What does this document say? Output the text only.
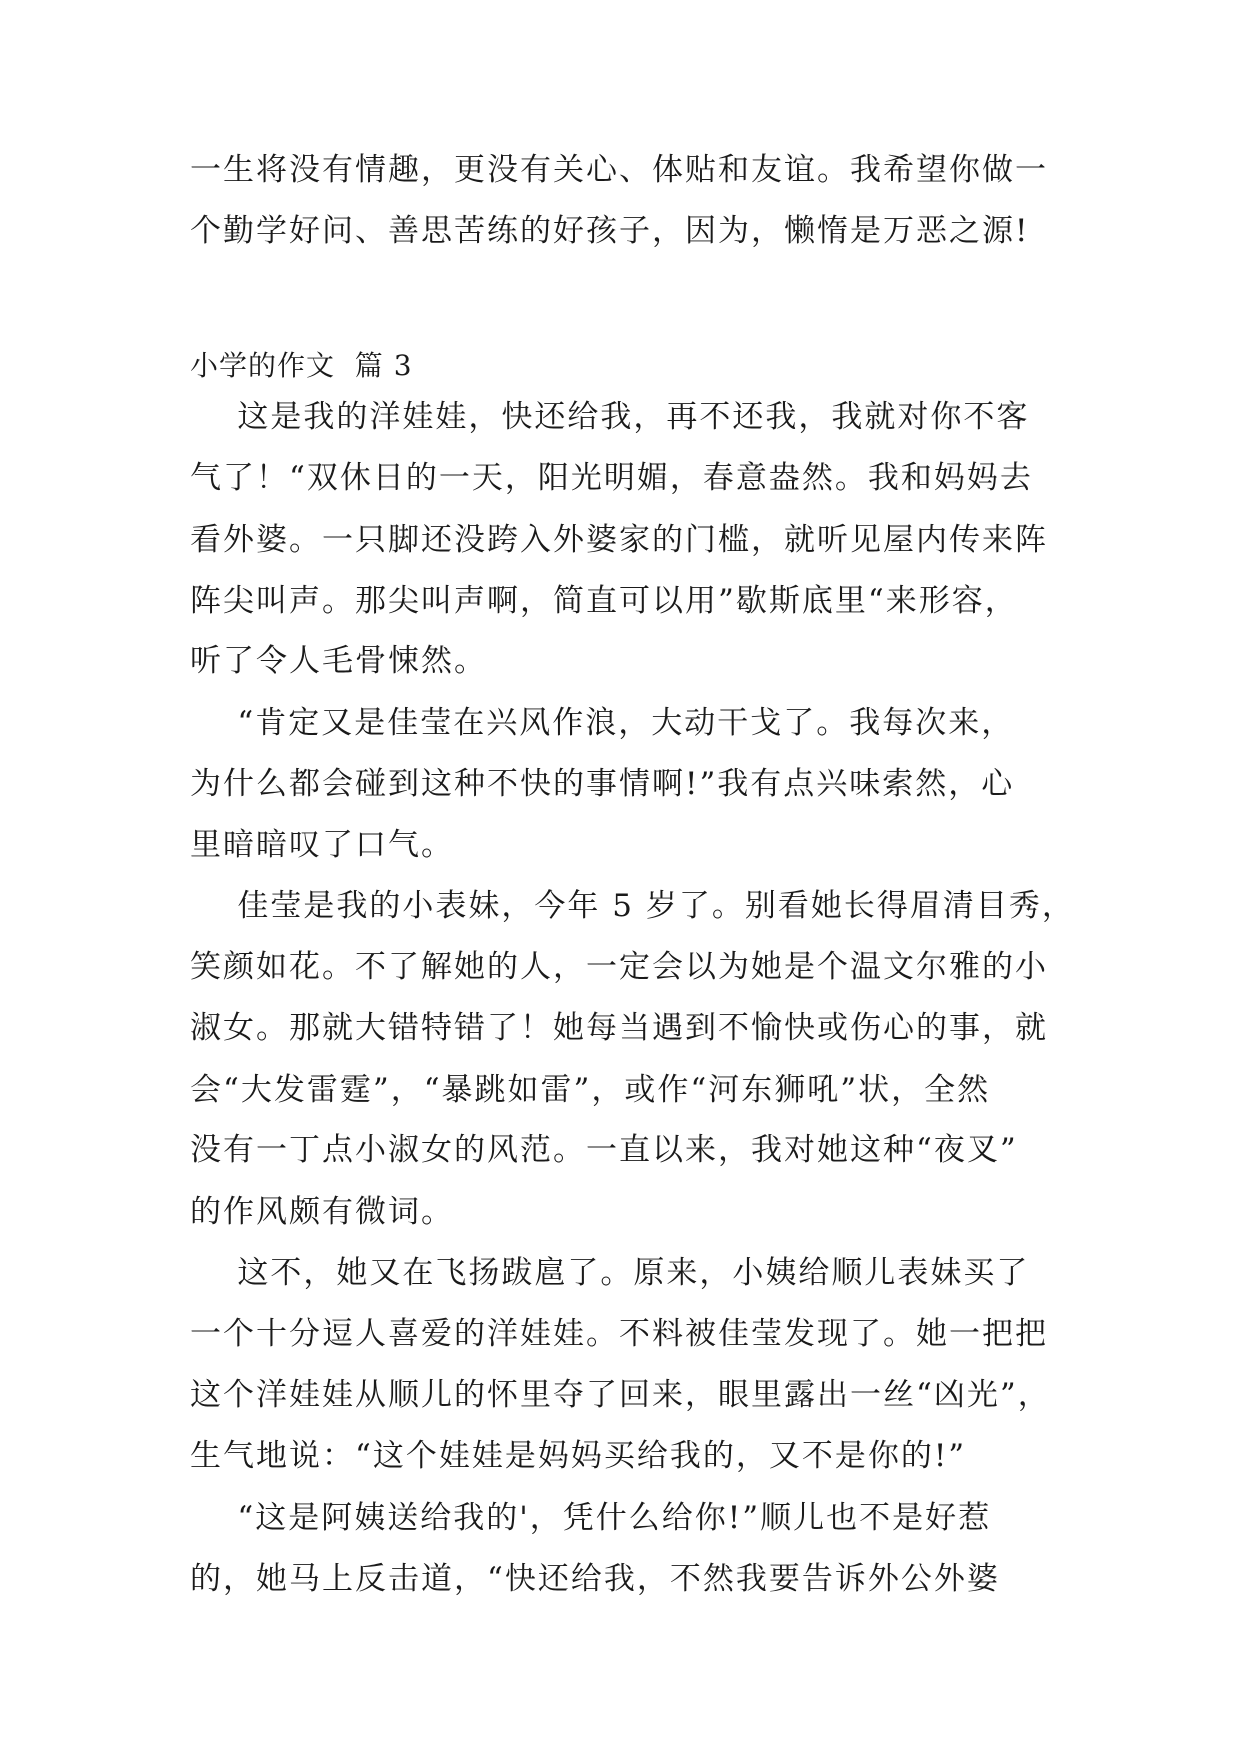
一生将没有情趣，更没有关心、体贴和友谊。我希望你做一
个勤学好问、善思苦练的好孩子，因为，懒惰是万恶之源!
小学的作文  篇 3
这是我的洋娃娃，快还给我，再不还我，我就对你不客
气了！“双休日的一天，阳光明媚，春意盎然。我和妈妈去
看外婆。一只脚还没跨入外婆家的门槛，就听见屋内传来阵
阵尖叫声。那尖叫声啊，简直可以用”歇斯底里“来形容，
听了令人毛骨悚然。
“肯定又是佳莹在兴风作浪，大动干戈了。我每次来，
为什么都会碰到这种不快的事情啊!”我有点兴味索然，心
里暗暗叹了口气。
佳莹是我的小表妹，今年 5 岁了。别看她长得眉清目秀，
笑颜如花。不了解她的人，一定会以为她是个温文尔雅的小
淑女。那就大错特错了！她每当遇到不愉快或伤心的事，就
会“大发雷霆”，“暴跳如雷”，或作“河东狮吼”状，全然
没有一丁点小淑女的风范。一直以来，我对她这种“夜叉”
的作风颇有微词。
这不，她又在飞扬跋扈了。原来，小姨给顺儿表妹买了
一个十分逗人喜爱的洋娃娃。不料被佳莹发现了。她一把把
这个洋娃娃从顺儿的怀里夺了回来，眼里露出一丝“凶光”，
生气地说：“这个娃娃是妈妈买给我的，又不是你的!”
“这是阿姨送给我的'，凭什么给你!”顺儿也不是好惹
的，她马上反击道，“快还给我，不然我要告诉外公外婆
